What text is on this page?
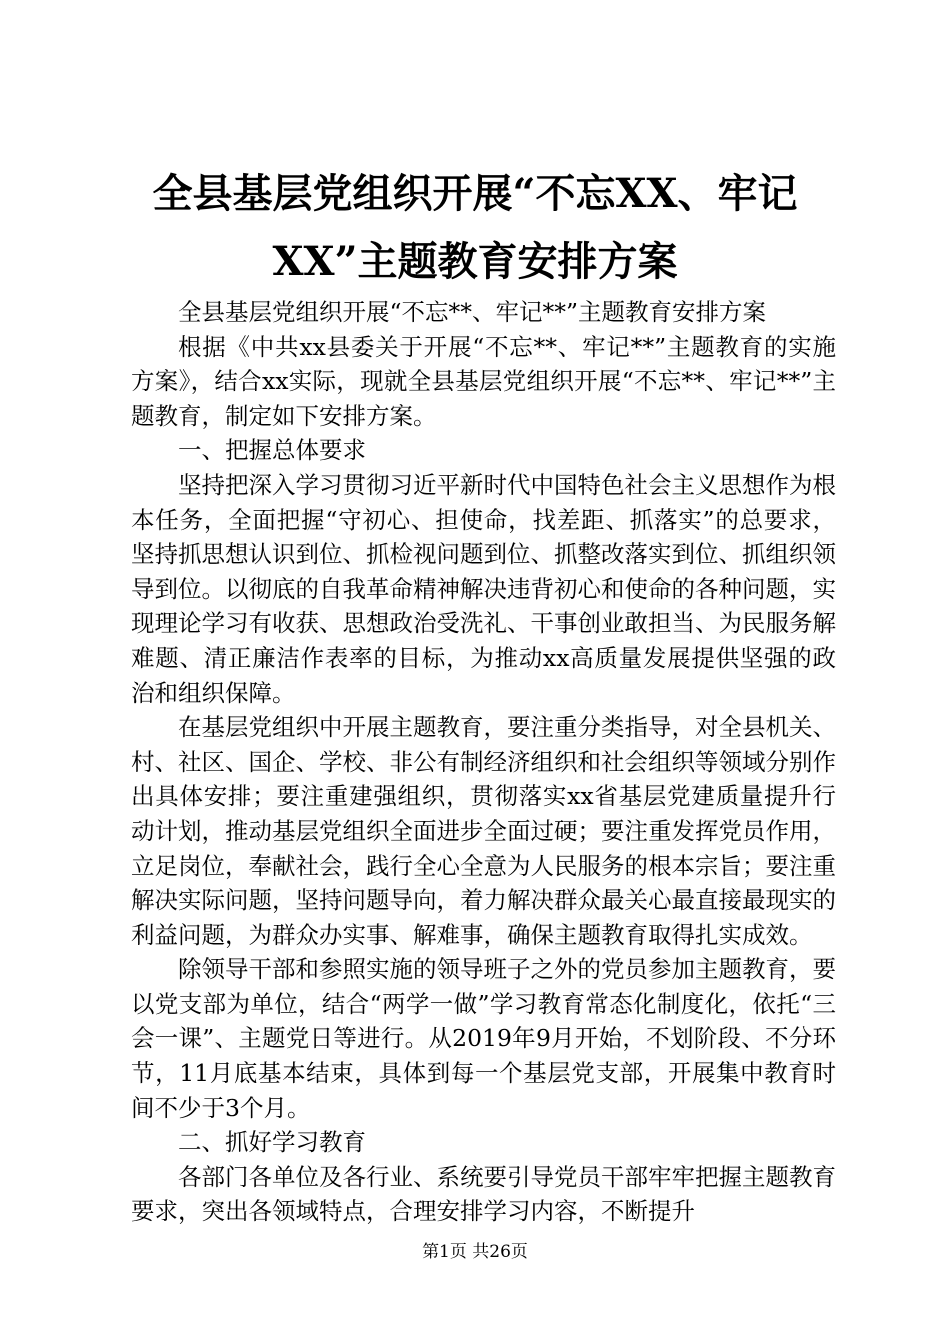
全县基层党组织开展“不忘XX、牢记XX”主题教育安排方案

全县基层党组织开展“不忘**、牢记**”主题教育安排方案

根据《中共xx县委关于开展“不忘**、牢记**”主题教育的实施方案》，结合xx实际，现就全县基层党组织开展“不忘**、牢记**”主题教育，制定如下安排方案。

一、把握总体要求

坚持把深入学习贯彻习近平新时代中国特色社会主义思想作为根本任务，全面把握“守初心、担使命，找差距、抓落实”的总要求，坚持抓思想认识到位、抓检视问题到位、抓整改落实到位、抓组织领导到位。以彻底的自我革命精神解决违背初心和使命的各种问题，实现理论学习有收获、思想政治受洗礼、干事创业敢担当、为民服务解难题、清正廉洁作表率的目标，为推动xx高质量发展提供坚强的政治和组织保障。

在基层党组织中开展主题教育，要注重分类指导，对全县机关、村、社区、国企、学校、非公有制经济组织和社会组织等领域分别作出具体安排；要注重建强组织，贯彻落实xx省基层党建质量提升行动计划，推动基层党组织全面进步全面过硬；要注重发挥党员作用，立足岗位，奉献社会，践行全心全意为人民服务的根本宗旨；要注重解决实际问题，坚持问题导向，着力解决群众最关心最直接最现实的利益问题，为群众办实事、解难事，确保主题教育取得扎实成效。

除领导干部和参照实施的领导班子之外的党员参加主题教育，要以党支部为单位，结合“两学一做”学习教育常态化制度化，依托“三会一课”、主题党日等进行。从2019年9月开始，不划阶段、不分环节，11月底基本结束，具体到每一个基层党支部，开展集中教育时间不少于3个月。

二、抓好学习教育

各部门各单位及各行业、系统要引导党员干部牢牢把握主题教育要求，突出各领域特点，合理安排学习内容，不断提升

第1页 共26页
